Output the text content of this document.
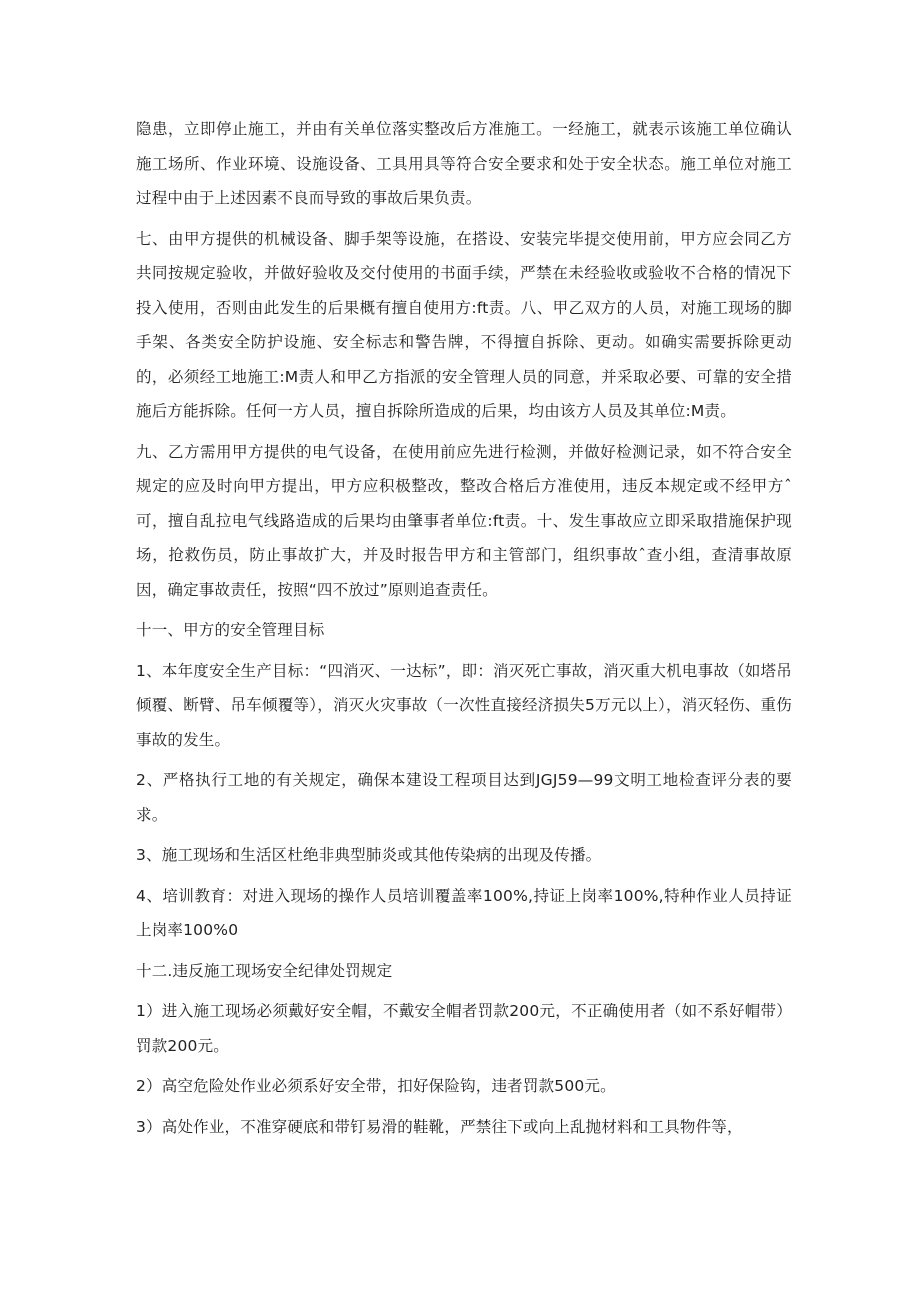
隐患，立即停止施工，并由有关单位落实整改后方准施工。一经施工，就表示该施工单位确认施工场所、作业环境、设施设备、工具用具等符合安全要求和处于安全状态。施工单位对施工过程中由于上述因素不良而导致的事故后果负责。

七、由甲方提供的机械设备、脚手架等设施，在搭设、安装完毕提交使用前，甲方应会同乙方共同按规定验收，并做好验收及交付使用的书面手续，严禁在未经验收或验收不合格的情况下投入使用，否则由此发生的后果概有擅自使用方:ft责。八、甲乙双方的人员，对施工现场的脚手架、各类安全防护设施、安全标志和警告牌，不得擅自拆除、更动。如确实需要拆除更动的，必须经工地施工:M责人和甲乙方指派的安全管理人员的同意，并采取必要、可靠的安全措施后方能拆除。任何一方人员，擅自拆除所造成的后果，均由该方人员及其单位:M责。

九、乙方需用甲方提供的电气设备，在使用前应先进行检测，并做好检测记录，如不符合安全规定的应及时向甲方提出，甲方应积极整改，整改合格后方准使用，违反本规定或不经甲方ˆ可，擅自乱拉电气线路造成的后果均由肇事者单位:ft责。十、发生事故应立即采取措施保护现场，抢救伤员，防止事故扩大，并及时报告甲方和主管部门，组织事故ˆ查小组，查清事故原因，确定事故责任，按照“四不放过”原则追查责任。

十一、甲方的安全管理目标

1、本年度安全生产目标：“四消灭、一达标”，即：消灭死亡事故，消灭重大机电事故（如塔吊倾覆、断臂、吊车倾覆等），消灭火灾事故（一次性直接经济损失5万元以上），消灭轻伤、重伤事故的发生。

2、严格执行工地的有关规定，确保本建设工程项目达到JGJ59—99文明工地检查评分表的要求。

3、施工现场和生活区杜绝非典型肺炎或其他传染病的出现及传播。

4、培训教育：对进入现场的操作人员培训覆盖率100%,持证上岗率100%,特种作业人员持证上岗率100%0

十二.违反施工现场安全纪律处罚规定

1）进入施工现场必须戴好安全帽，不戴安全帽者罚款200元，不正确使用者（如不系好帽带）罚款200元。

2）高空危险处作业必须系好安全带，扣好保险钩，违者罚款500元。

3）高处作业，不准穿硬底和带钉易滑的鞋靴，严禁往下或向上乱抛材料和工具物件等，
